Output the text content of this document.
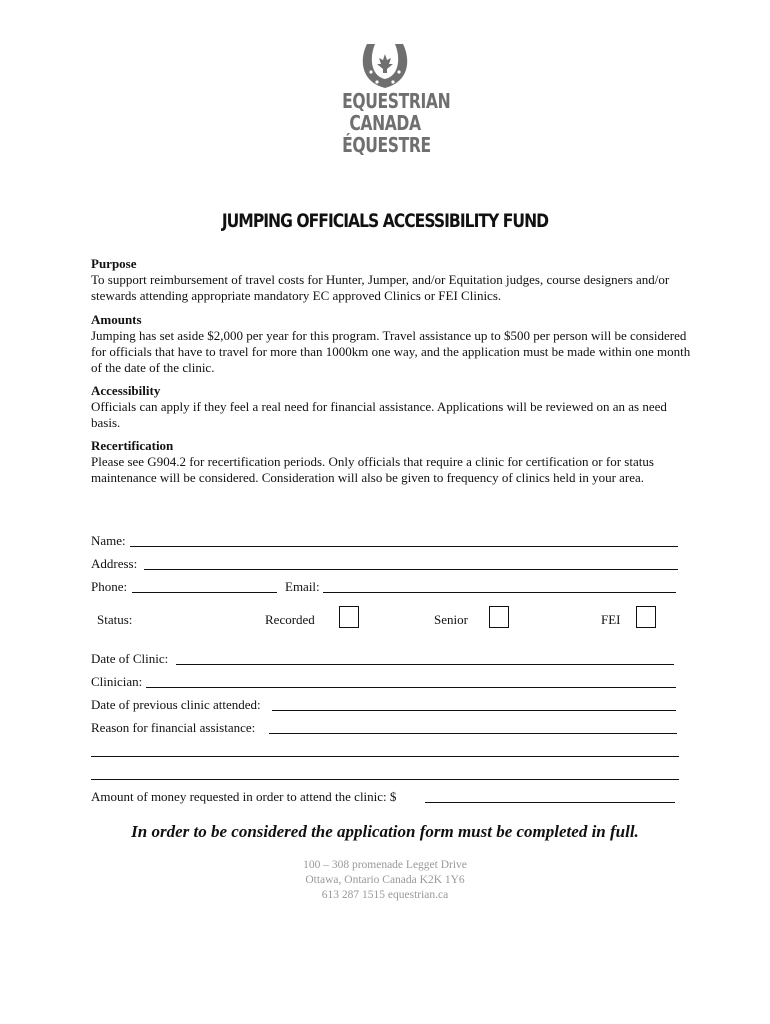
EQUESTRIAN
CANADA
ÉQUESTRE
JUMPING OFFICIALS ACCESSIBILITY FUND
Purpose
To support reimbursement of travel costs for Hunter, Jumper, and/or Equitation judges, course designers and/or stewards attending appropriate mandatory EC approved Clinics or FEI Clinics.
Amounts
Jumping has set aside $2,000 per year for this program. Travel assistance up to $500 per person will be considered for officials that have to travel for more than 1000km one way, and the application must be made within one month of the date of the clinic.
Accessibility
Officials can apply if they feel a real need for financial assistance. Applications will be reviewed on an as need basis.
Recertification
Please see G904.2 for recertification periods. Only officials that require a clinic for certification or for status maintenance will be considered. Consideration will also be given to frequency of clinics held in your area.
Name:
Address:
Phone:	Email:
Status:	Recorded	Senior	FEI
Date of Clinic:
Clinician:
Date of previous clinic attended:
Reason for financial assistance:
Amount of money requested in order to attend the clinic: $
In order to be considered the application form must be completed in full.
100 – 308 promenade Legget Drive
Ottawa, Ontario Canada K2K 1Y6
613 287 1515 equestrian.ca
